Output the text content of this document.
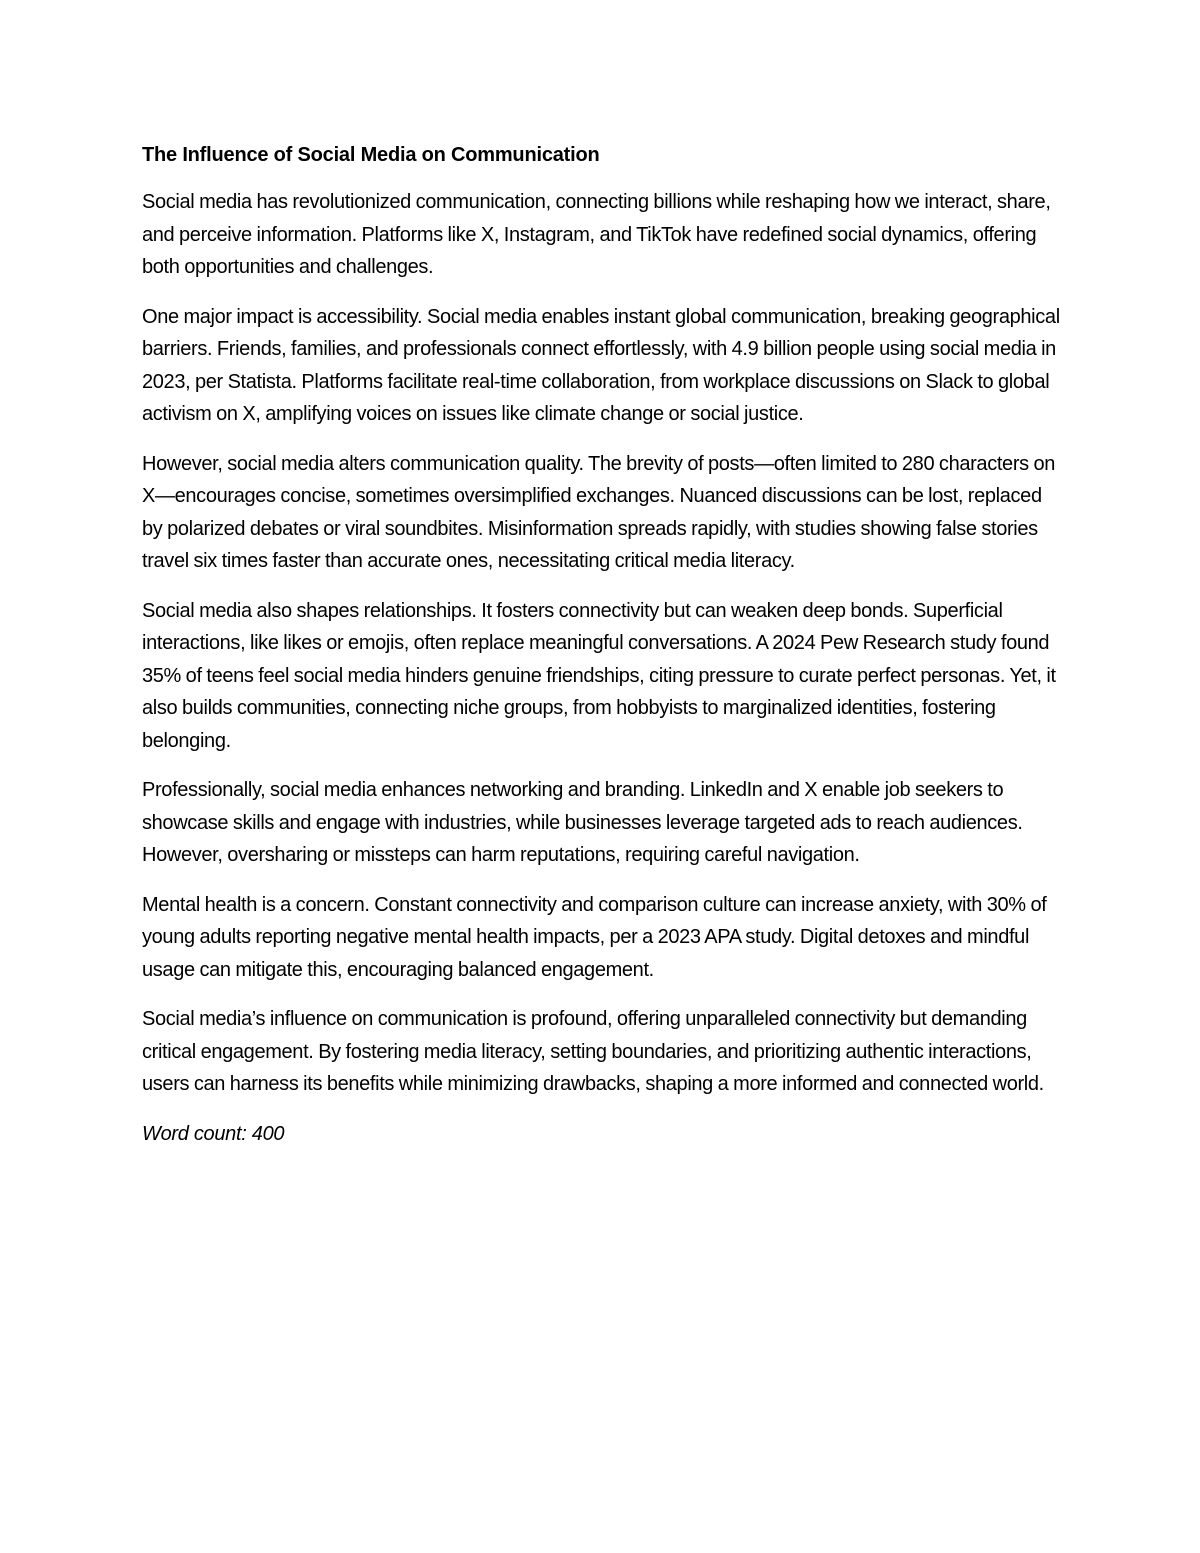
The Influence of Social Media on Communication

Social media has revolutionized communication, connecting billions while reshaping how we interact, share, and perceive information. Platforms like X, Instagram, and TikTok have redefined social dynamics, offering both opportunities and challenges.

One major impact is accessibility. Social media enables instant global communication, breaking geographical barriers. Friends, families, and professionals connect effortlessly, with 4.9 billion people using social media in 2023, per Statista. Platforms facilitate real-time collaboration, from workplace discussions on Slack to global activism on X, amplifying voices on issues like climate change or social justice.

However, social media alters communication quality. The brevity of posts—often limited to 280 characters on X—encourages concise, sometimes oversimplified exchanges. Nuanced discussions can be lost, replaced by polarized debates or viral soundbites. Misinformation spreads rapidly, with studies showing false stories travel six times faster than accurate ones, necessitating critical media literacy.

Social media also shapes relationships. It fosters connectivity but can weaken deep bonds. Superficial interactions, like likes or emojis, often replace meaningful conversations. A 2024 Pew Research study found 35% of teens feel social media hinders genuine friendships, citing pressure to curate perfect personas. Yet, it also builds communities, connecting niche groups, from hobbyists to marginalized identities, fostering belonging.

Professionally, social media enhances networking and branding. LinkedIn and X enable job seekers to showcase skills and engage with industries, while businesses leverage targeted ads to reach audiences. However, oversharing or missteps can harm reputations, requiring careful navigation.

Mental health is a concern. Constant connectivity and comparison culture can increase anxiety, with 30% of young adults reporting negative mental health impacts, per a 2023 APA study. Digital detoxes and mindful usage can mitigate this, encouraging balanced engagement.

Social media’s influence on communication is profound, offering unparalleled connectivity but demanding critical engagement. By fostering media literacy, setting boundaries, and prioritizing authentic interactions, users can harness its benefits while minimizing drawbacks, shaping a more informed and connected world.

Word count: 400
